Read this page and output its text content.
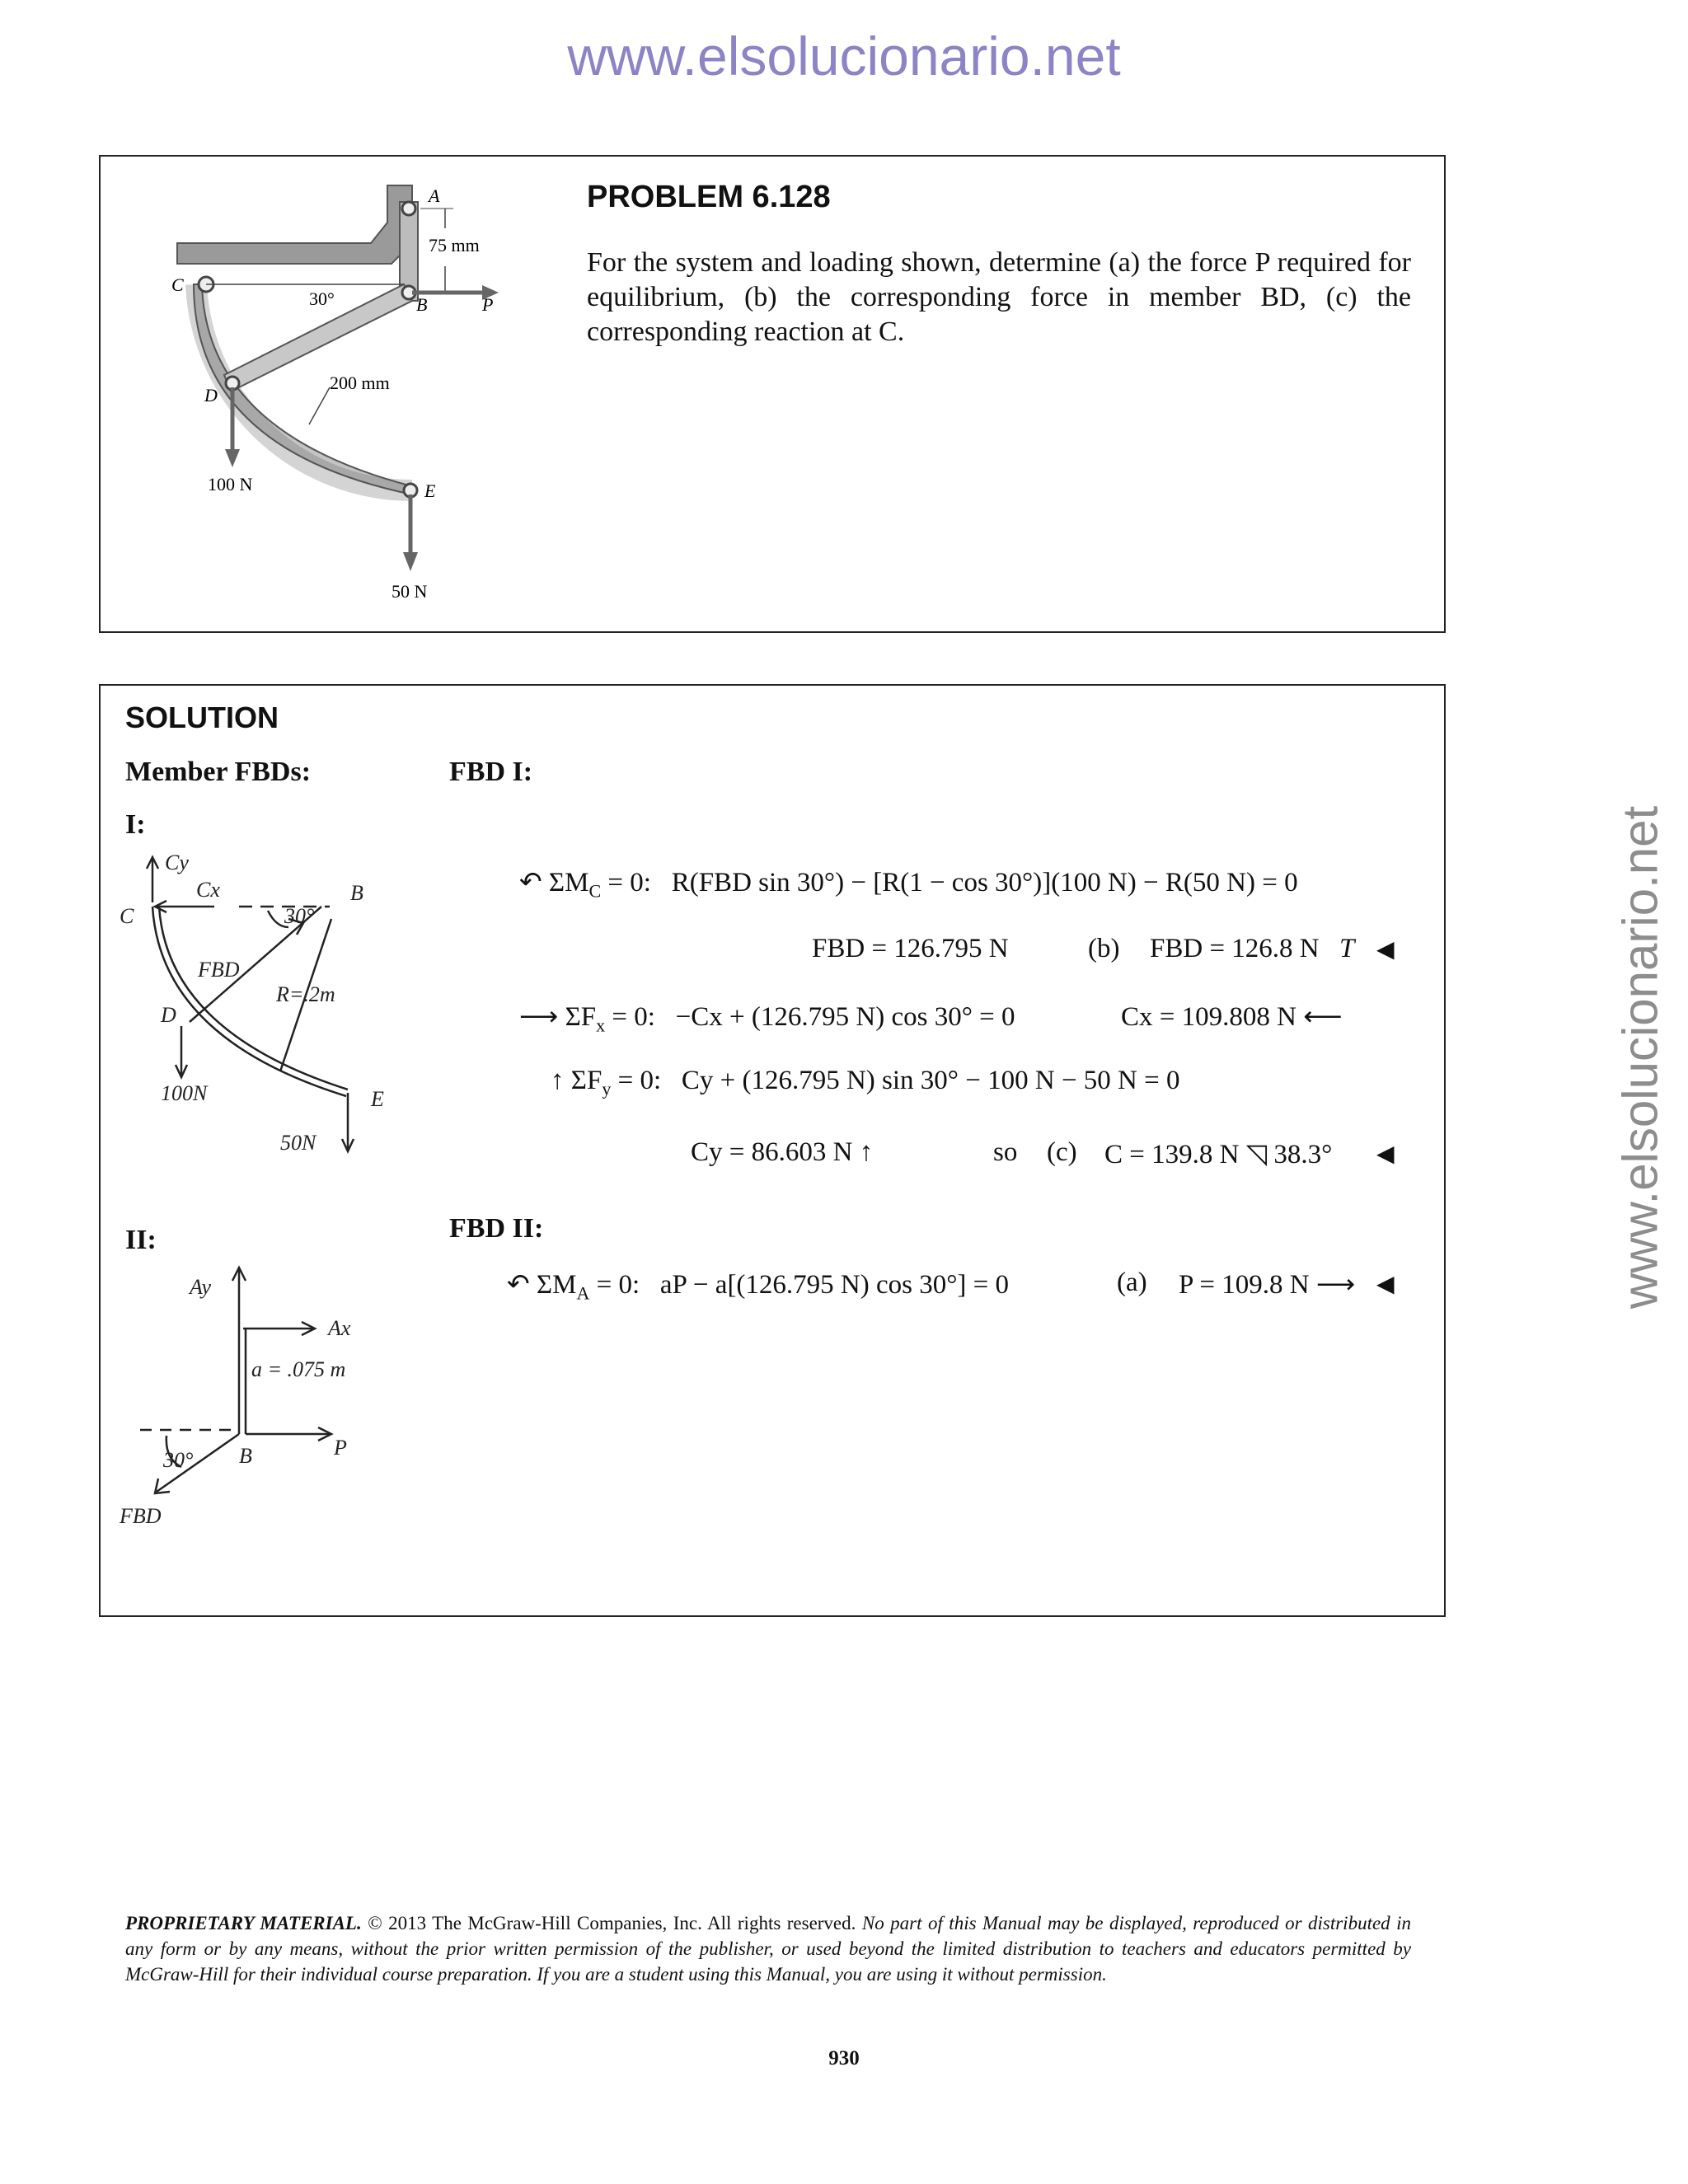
www.elsolucionario.net
www.elsolucionario.net
A
75 mm
C
30°	B	P
200 mm
D
100 N	E
50 N
PROBLEM 6.128
For the system and loading shown, determine (a) the force P required for equilibrium, (b) the corresponding force in member BD, (c) the corresponding reaction at C.
SOLUTION
Member FBDs:	FBD I:
I:
II:	FBD II:
Cy
Cx
C
B
30°
FBD
R=.2m
D
100N	E
50N
Ay
Ax
a = .075 m
30° B	P
FBD
↶ $\Sigma M_C = 0$: R(FBD sin 30°) − [R(1 − cos 30°)](100 N) − R(50 N) = 0
FBD = 126.795 N	(b) FBD = 126.8 N T ◀
⟶ $\Sigma F_x = 0$: −Cx + (126.795 N) cos 30° = 0	Cx = 109.808 N ⟵
↑ $\Sigma F_y = 0$: Cy + (126.795 N) sin 30° − 100 N − 50 N = 0
Cy = 86.603 N ↑	so (c) C = 139.8 N ◹ 38.3° ◀
↶ $\Sigma M_A = 0$: aP − a[(126.795 N) cos 30°] = 0	(a) P = 109.8 N ⟶ ◀
PROPRIETARY MATERIAL. © 2013 The McGraw-Hill Companies, Inc. All rights reserved. No part of this Manual may be displayed, reproduced or distributed in any form or by any means, without the prior written permission of the publisher, or used beyond the limited distribution to teachers and educators permitted by McGraw-Hill for their individual course preparation. If you are a student using this Manual, you are using it without permission.
930
